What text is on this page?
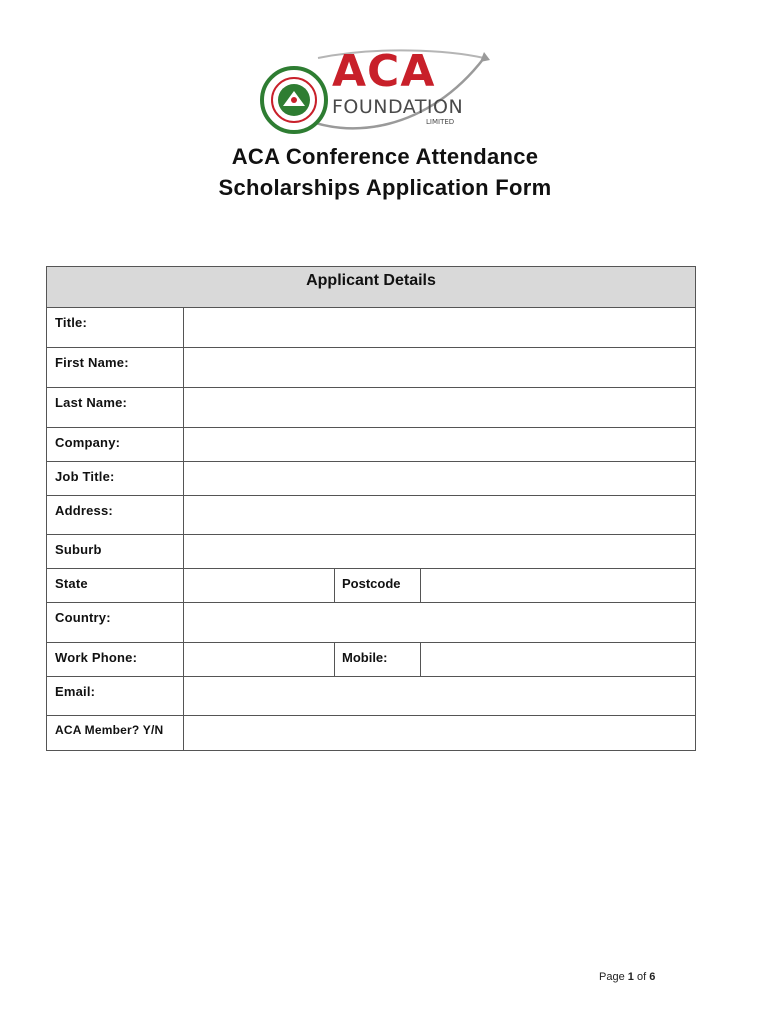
ACA
FOUNDATION
LIMITED
ACA Conference Attendance
Scholarships Application Form
Applicant Details
Title:
First Name:
Last Name:
Company:
Job Title:
Address:
Suburb
State	Postcode
Country:
Work Phone:	Mobile:
Email:
ACA Member? Y/N
Page 1 of 6
